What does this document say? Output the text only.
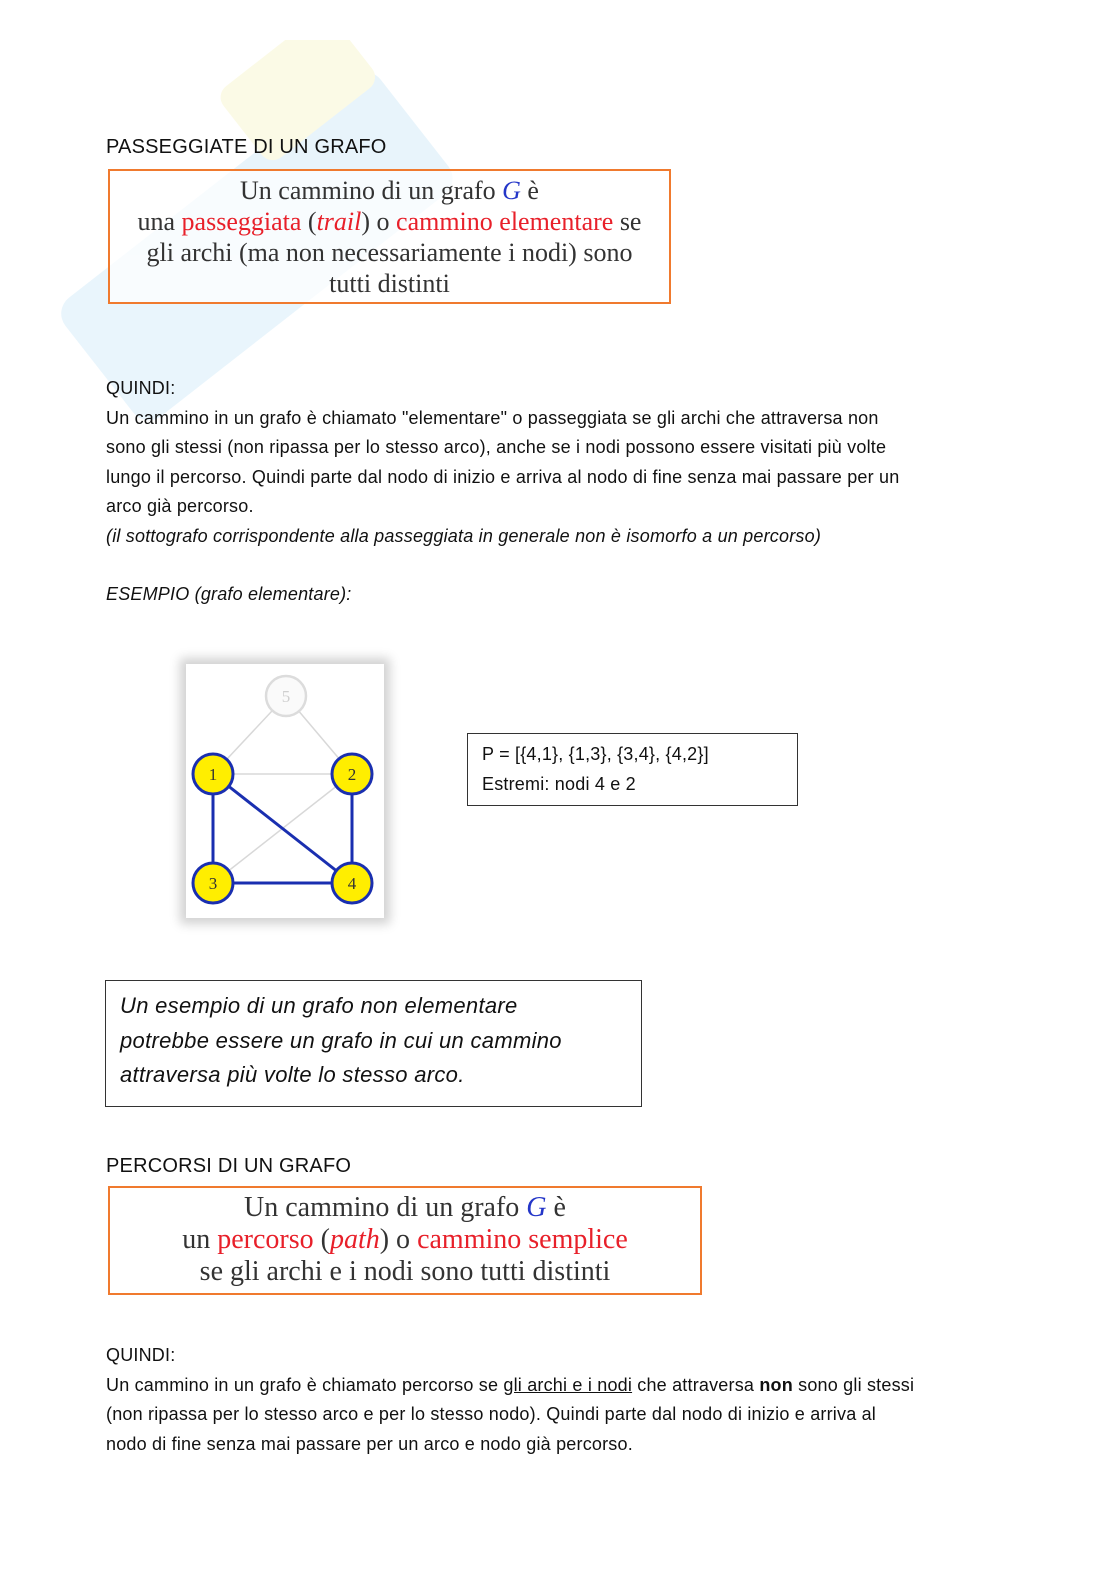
PASSEGGIATE DI UN GRAFO
Un cammino di un grafo G è
una passeggiata (trail) o cammino elementare se
gli archi (ma non necessariamente i nodi) sono
tutti distinti

QUINDI:

Un cammino in un grafo è chiamato "elementare" o passeggiata se gli archi che attraversa non

sono gli stessi (non ripassa per lo stesso arco), anche se i nodi possono essere visitati più volte

lungo il percorso. Quindi parte dal nodo di inizio e arriva al nodo di fine senza mai passare per un

arco già percorso.

(il sottografo corrispondente alla passeggiata in generale non è isomorfo a un percorso)

ESEMPIO (grafo elementare):
5
1	2
3	4

P = [{4,1}, {1,3}, {3,4}, {4,2}]

Estremi: nodi 4 e 2

Un esempio di un grafo non elementare
potrebbe essere un grafo in cui un cammino
attraversa più volte lo stesso arco.
PERCORSI DI UN GRAFO
Un cammino di un grafo G è
un percorso (path) o cammino semplice
se gli archi e i nodi sono tutti distinti

QUINDI:

Un cammino in un grafo è chiamato percorso se gli archi e i nodi che attraversa non sono gli stessi

(non ripassa per lo stesso arco e per lo stesso nodo). Quindi parte dal nodo di inizio e arriva al

nodo di fine senza mai passare per un arco e nodo già percorso.
